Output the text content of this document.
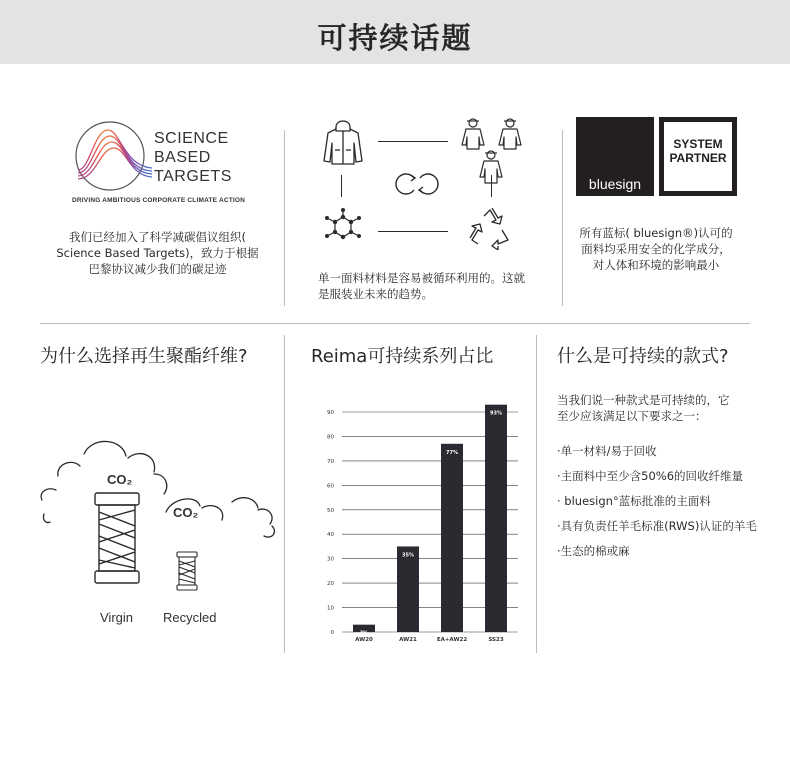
可持续话题
SCIENCE
BASED
TARGETS
DRIVING AMBITIOUS CORPORATE CLIMATE ACTION
我们已经加入了科学减碳倡议组织(
Science Based Targets)，致力于根据
巴黎协议减少我们的碳足迹
单一面料材料是容易被循环利用的。这就
是服装业未来的趋势。
bluesign
SYSTEM
PARTNER
所有蓝标( bluesign®)认可的
面料均采用安全的化学成分，
对人体和环境的影响最小
为什么选择再生聚酯纤维?	Reima可持续系列占比	什么是可持续的款式?
CO₂
CO₂
Virgin Recycled
0
10
20
30
40
50
60
70
80
90
3%
AW20
35%
AW21
77%
EA+AW22
93%
SS23
当我们说一种款式是可持续的，它
至少应该满足以下要求之一：
·单一材料/易于回收
·主面料中至少含50%6的回收纤维量
· bluesign°蓝标批准的主面料
·具有负责任羊毛标准(RWS)认证的羊毛
·生态的棉或麻
